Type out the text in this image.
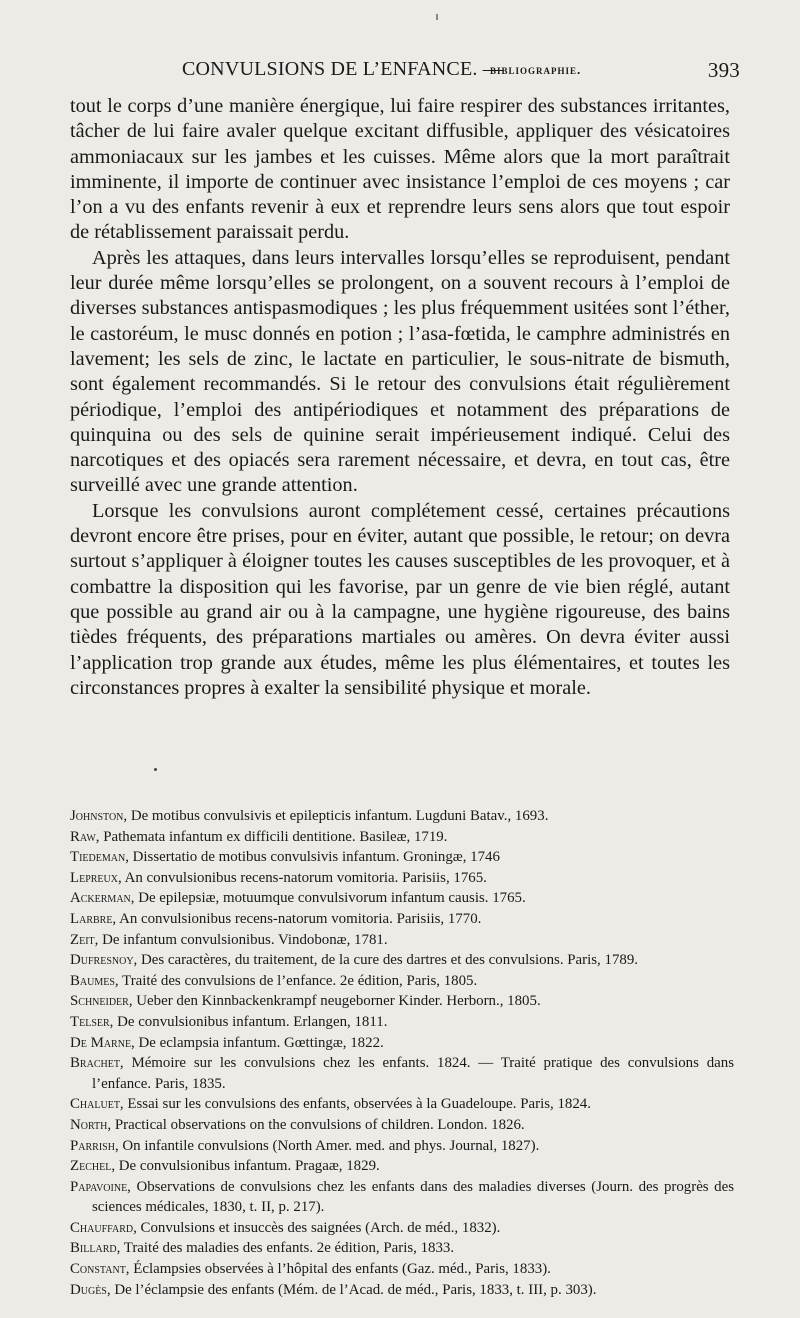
CONVULSIONS DE L’ENFANCE. —
bibliographie.	393

tout le corps d’une manière énergique, lui faire respirer des substances irritantes, tâcher de lui faire avaler quelque excitant diffusible, appliquer des vésicatoires ammoniacaux sur les jambes et les cuisses. Même alors que la mort paraîtrait imminente, il importe de continuer avec insistance l’emploi de ces moyens ; car l’on a vu des enfants revenir à eux et reprendre leurs sens alors que tout espoir de rétablissement paraissait perdu.

Après les attaques, dans leurs intervalles lorsqu’elles se reproduisent, pendant leur durée même lorsqu’elles se prolongent, on a souvent recours à l’emploi de diverses substances antispasmodiques ; les plus fréquemment usitées sont l’éther, le castoréum, le musc donnés en potion ; l’asa-fœtida, le camphre administrés en lavement; les sels de zinc, le lactate en particulier, le sous-nitrate de bismuth, sont également recommandés. Si le retour des convulsions était régulièrement périodique, l’emploi des antipériodiques et notamment des préparations de quinquina ou des sels de quinine serait impérieusement indiqué. Celui des narcotiques et des opiacés sera rarement nécessaire, et devra, en tout cas, être surveillé avec une grande attention.

Lorsque les convulsions auront complétement cessé, certaines précautions devront encore être prises, pour en éviter, autant que possible, le retour; on devra surtout s’appliquer à éloigner toutes les causes susceptibles de les provoquer, et à combattre la disposition qui les favorise, par un genre de vie bien réglé, autant que possible au grand air ou à la campagne, une hygiène rigoureuse, des bains tièdes fréquents, des préparations martiales ou amères. On devra éviter aussi l’application trop grande aux études, même les plus élémentaires, et toutes les circonstances propres à exalter la sensibilité physique et morale.

Johnston, De motibus convulsivis et epilepticis infantum. Lugduni Batav., 1693.
Raw, Pathemata infantum ex difficili dentitione. Basileæ, 1719.
Tiedeman, Dissertatio de motibus convulsivis infantum. Groningæ, 1746
Lepreux, An convulsionibus recens-natorum vomitoria. Parisiis, 1765.
Ackerman, De epilepsiæ, motuumque convulsivorum infantum causis. 1765.
Larbre, An convulsionibus recens-natorum vomitoria. Parisiis, 1770.
Zeit, De infantum convulsionibus. Vindobonæ, 1781.
Dufresnoy, Des caractères, du traitement, de la cure des dartres et des convulsions. Paris, 1789.
Baumes, Traité des convulsions de l’enfance. 2e édition, Paris, 1805.
Schneider, Ueber den Kinnbackenkrampf neugeborner Kinder. Herborn., 1805.
Telser, De convulsionibus infantum. Erlangen, 1811.
De Marne, De eclampsia infantum. Gœttingæ, 1822.
Brachet, Mémoire sur les convulsions chez les enfants. 1824. — Traité pratique des convulsions dans l’enfance. Paris, 1835.
Chaluet, Essai sur les convulsions des enfants, observées à la Guadeloupe. Paris, 1824.
North, Practical observations on the convulsions of children. London. 1826.
Parrish, On infantile convulsions (North Amer. med. and phys. Journal, 1827).
Zechel, De convulsionibus infantum. Pragaæ, 1829.
Papavoine, Observations de convulsions chez les enfants dans des maladies diverses (Journ. des progrès des sciences médicales, 1830, t. II, p. 217).
Chauffard, Convulsions et insuccès des saignées (Arch. de méd., 1832).
Billard, Traité des maladies des enfants. 2e édition, Paris, 1833.
Constant, Éclampsies observées à l’hôpital des enfants (Gaz. méd., Paris, 1833).
Dugès, De l’éclampsie des enfants (Mém. de l’Acad. de méd., Paris, 1833, t. III, p. 303).
